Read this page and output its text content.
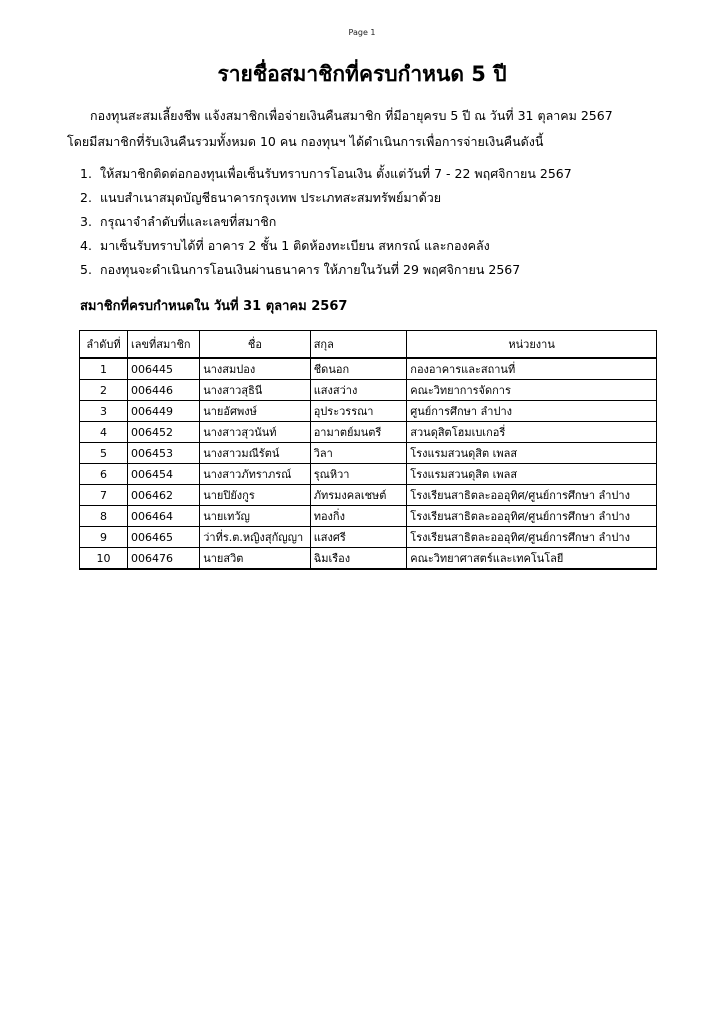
Page 1
รายชื่อสมาชิกที่ครบกำหนด 5 ปี
กองทุนสะสมเลี้ยงชีพ แจ้งสมาชิกเพื่อจ่ายเงินคืนสมาชิก ที่มีอายุครบ 5 ปี ณ วันที่ 31 ตุลาคม 2567
โดยมีสมาชิกที่รับเงินคืนรวมทั้งหมด 10 คน กองทุนฯ ได้ดำเนินการเพื่อการจ่ายเงินคืนดังนี้
1. ให้สมาชิกติดต่อกองทุนเพื่อเซ็นรับทราบการโอนเงิน ตั้งแต่วันที่ 7 - 22 พฤศจิกายน 2567
2. แนบสำเนาสมุดบัญชีธนาคารกรุงเทพ ประเภทสะสมทรัพย์มาด้วย
3. กรุณาจำลำดับที่และเลขที่สมาชิก
4. มาเซ็นรับทราบได้ที่ อาคาร 2 ชั้น 1 ติดห้องทะเบียน สหกรณ์ และกองคลัง
5. กองทุนจะดำเนินการโอนเงินผ่านธนาคาร ให้ภายในวันที่ 29 พฤศจิกายน 2567
สมาชิกที่ครบกำหนดใน วันที่ 31 ตุลาคม 2567
ลำดับที่	เลขที่สมาชิก	ชื่อ	สกุล	หน่วยงาน
1	006445	นางสมปอง	ชีดนอก	กองอาคารและสถานที่
2	006446	นางสาวสุธินี	แสงสว่าง	คณะวิทยาการจัดการ
3	006449	นายอัศพงษ์	อุประวรรณา	ศูนย์การศึกษา ลำปาง
4	006452	นางสาวสุวนันท์	อามาตย์มนตรี	สวนดุสิตโฮมเบเกอรี่
5	006453	นางสาวมณีรัตน์	วิลา	โรงแรมสวนดุสิต เพลส
6	006454	นางสาวภัทราภรณ์	รุณหิวา	โรงแรมสวนดุสิต เพลส
7	006462	นายปิยังกูร	ภัทรมงคลเชษต์	โรงเรียนสาธิตละอออุทิศ/ศูนย์การศึกษา ลำปาง
8	006464	นายเทวัญ	ทองกิ่ง	โรงเรียนสาธิตละอออุทิศ/ศูนย์การศึกษา ลำปาง
9	006465	ว่าที่ร.ต.หญิงสุกัญญา	แสงศรี	โรงเรียนสาธิตละอออุทิศ/ศูนย์การศึกษา ลำปาง
10	006476	นายสวิต	ฉิมเรือง	คณะวิทยาศาสตร์และเทคโนโลยี
